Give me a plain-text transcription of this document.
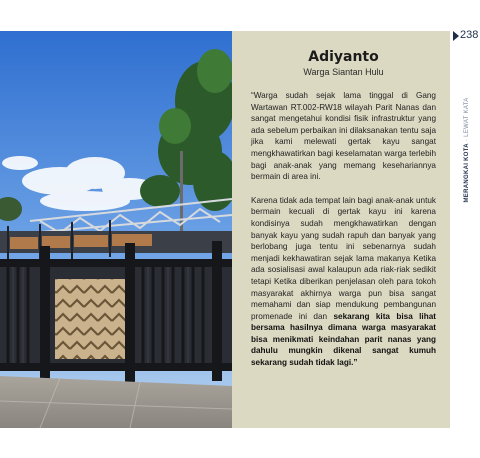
Adiyanto
Warga Siantan Hulu

“Warga sudah sejak lama tinggal di Gang Wartawan RT.002-RW18 wilayah Parit Nanas dan sangat mengetahui kondisi fisik infrastruktur yang ada sebelum perbaikan ini dilaksanakan tentu saja jika kami melewati gertak kayu sangat mengkhawatirkan bagi keselamatan warga terlebih bagi anak-anak yang memang kesehariannya bermain di area ini.

Karena tidak ada tempat lain bagi anak-anak untuk bermain kecuali di gertak kayu ini karena kondisinya sudah mengkhawatirkan dengan banyak kayu yang sudah rapuh dan banyak yang berlobang juga tentu ini sebenarnya sudah menjadi kekhawatiran sejak lama makanya Ketika ada sosialisasi awal kalaupun ada riak-riak sedikit tetapi Ketika diberikan penjelasan oleh para tokoh masyarakat akhirnya warga pun bisa sangat memahami dan siap mendukung pembangunan promenade ini dan sekarang kita bisa lihat bersama hasilnya dimana warga masyarakat bisa menikmati keindahan parit nanas yang dahulu mungkin dikenal sangat kumuh sekarang sudah tidak lagi.”

238
MERANGKAI KOTA · LEWAT KATA
